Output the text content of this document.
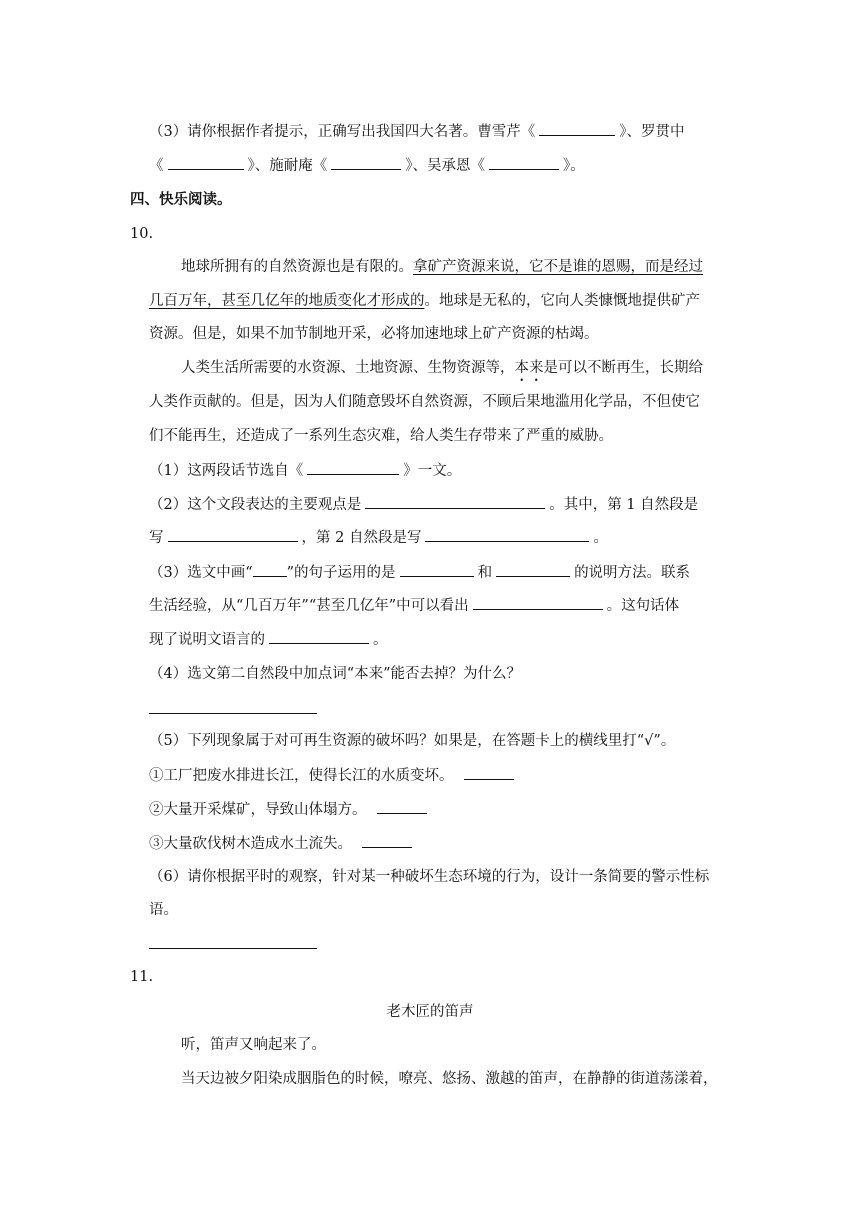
（3）请你根据作者提示，正确写出我国四大名著。曹雪芹《	》、罗贯中
《	》、施耐庵《	》、吴承恩《	》。
四、快乐阅读。
10.
地球所拥有的自然资源也是有限的。拿矿产资源来说，它不是谁的恩赐，而是经过
几百万年，甚至几亿年的地质变化才形成的。地球是无私的，它向人类慷慨地提供矿产
资源。但是，如果不加节制地开采，必将加速地球上矿产资源的枯竭。
人类生活所需要的水资源、土地资源、生物资源等，本来是可以不断再生，长期给
人类作贡献的。但是，因为人们随意毁坏自然资源，不顾后果地滥用化学品，不但使它
们不能再生，还造成了一系列生态灾难，给人类生存带来了严重的威胁。
（1）这两段话节选自《	》一文。
（2）这个文段表达的主要观点是	。其中，第 1 自然段是
写	，第 2 自然段是写	。
（3）选文中画“ ”的句子运用的是	和	的说明方法。联系
生活经验，从“几百万年”“甚至几亿年”中可以看出	。这句话体
现了说明文语言的	。
（4）选文第二自然段中加点词“本来”能否去掉？为什么？
（5）下列现象属于对可再生资源的破坏吗？如果是，在答题卡上的横线里打“√”。
①工厂把废水排进长江，使得长江的水质变坏。
②大量开采煤矿，导致山体塌方。
③大量砍伐树木造成水土流失。
（6）请你根据平时的观察，针对某一种破坏生态环境的行为，设计一条简要的警示性标
语。
11.
老木匠的笛声
听，笛声又响起来了。
当天边被夕阳染成胭脂色的时候，嘹亮、悠扬、激越的笛声，在静静的街道荡漾着，
